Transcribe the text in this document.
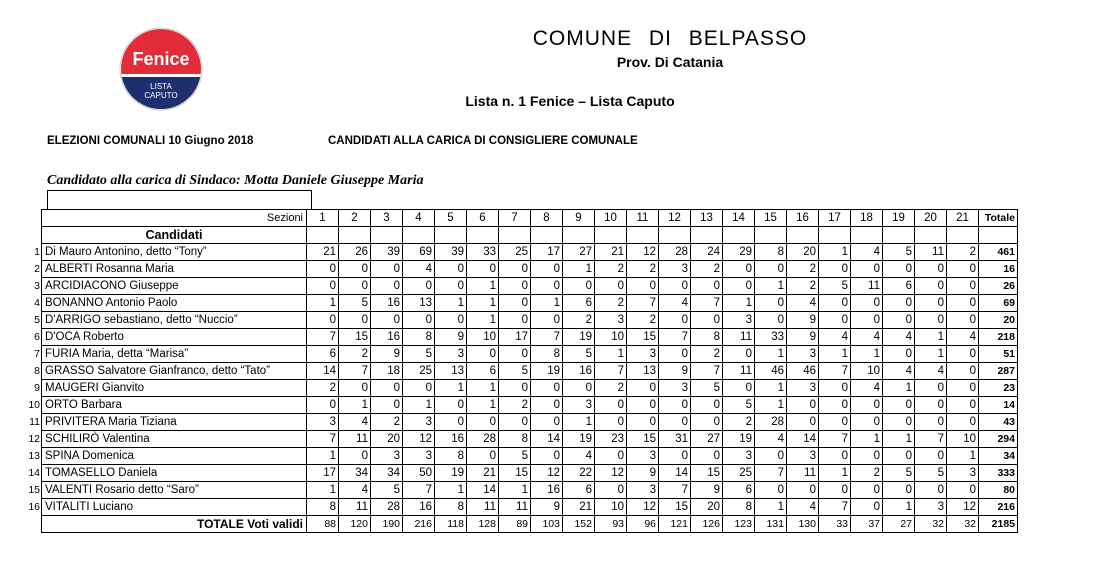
Fenice
LISTA
CAPUTO
COMUNE DI BELPASSO
Prov. Di Catania
Lista n. 1 Fenice – Lista Caputo
ELEZIONI COMUNALI 10 Giugno 2018	CANDIDATI ALLA CARICA DI CONSIGLIERE COMUNALE
Candidato alla carica di Sindaco: Motta Daniele Giuseppe Maria
	Sezioni	1	2	3	4	5	6	7	8	9	10	11	12	13	14	15	16	17	18	19	20	21	Totale
	Candidati																						
1	Di Mauro Antonino, detto “Tony”	21	26	39	69	39	33	25	17	27	21	12	28	24	29	8	20	1	4	5	11	2	461
2	ALBERTI Rosanna Maria	0	0	0	4	0	0	0	0	1	2	2	3	2	0	0	2	0	0	0	0	0	16
3	ARCIDIACONO Giuseppe	0	0	0	0	0	1	0	0	0	0	0	0	0	0	1	2	5	11	6	0	0	26
4	BONANNO Antonio Paolo	1	5	16	13	1	1	0	1	6	2	7	4	7	1	0	4	0	0	0	0	0	69
5	D'ARRIGO sebastiano, detto “Nuccio”	0	0	0	0	0	1	0	0	2	3	2	0	0	3	0	9	0	0	0	0	0	20
6	D'OCA Roberto	7	15	16	8	9	10	17	7	19	10	15	7	8	11	33	9	4	4	4	1	4	218
7	FURIA Maria, detta “Marisa”	6	2	9	5	3	0	0	8	5	1	3	0	2	0	1	3	1	1	0	1	0	51
8	GRASSO Salvatore Gianfranco, detto “Tato”	14	7	18	25	13	6	5	19	16	7	13	9	7	11	46	46	7	10	4	4	0	287
9	MAUGERI Gianvito	2	0	0	0	1	1	0	0	0	2	0	3	5	0	1	3	0	4	1	0	0	23
10	ORTO Barbara	0	1	0	1	0	1	2	0	3	0	0	0	0	5	1	0	0	0	0	0	0	14
11	PRIVITERA Maria Tiziana	3	4	2	3	0	0	0	0	1	0	0	0	0	2	28	0	0	0	0	0	0	43
12	SCHILIRÒ Valentina	7	11	20	12	16	28	8	14	19	23	15	31	27	19	4	14	7	1	1	7	10	294
13	SPINA Domenica	1	0	3	3	8	0	5	0	4	0	3	0	0	3	0	3	0	0	0	0	1	34
14	TOMASELLO Daniela	17	34	34	50	19	21	15	12	22	12	9	14	15	25	7	11	1	2	5	5	3	333
15	VALENTI Rosario detto “Saro”	1	4	5	7	1	14	1	16	6	0	3	7	9	6	0	0	0	0	0	0	0	80
16	VITALITI Luciano	8	11	28	16	8	11	11	9	21	10	12	15	20	8	1	4	7	0	1	3	12	216
	TOTALE Voti validi	88	120	190	216	118	128	89	103	152	93	96	121	126	123	131	130	33	37	27	32	32	2185
